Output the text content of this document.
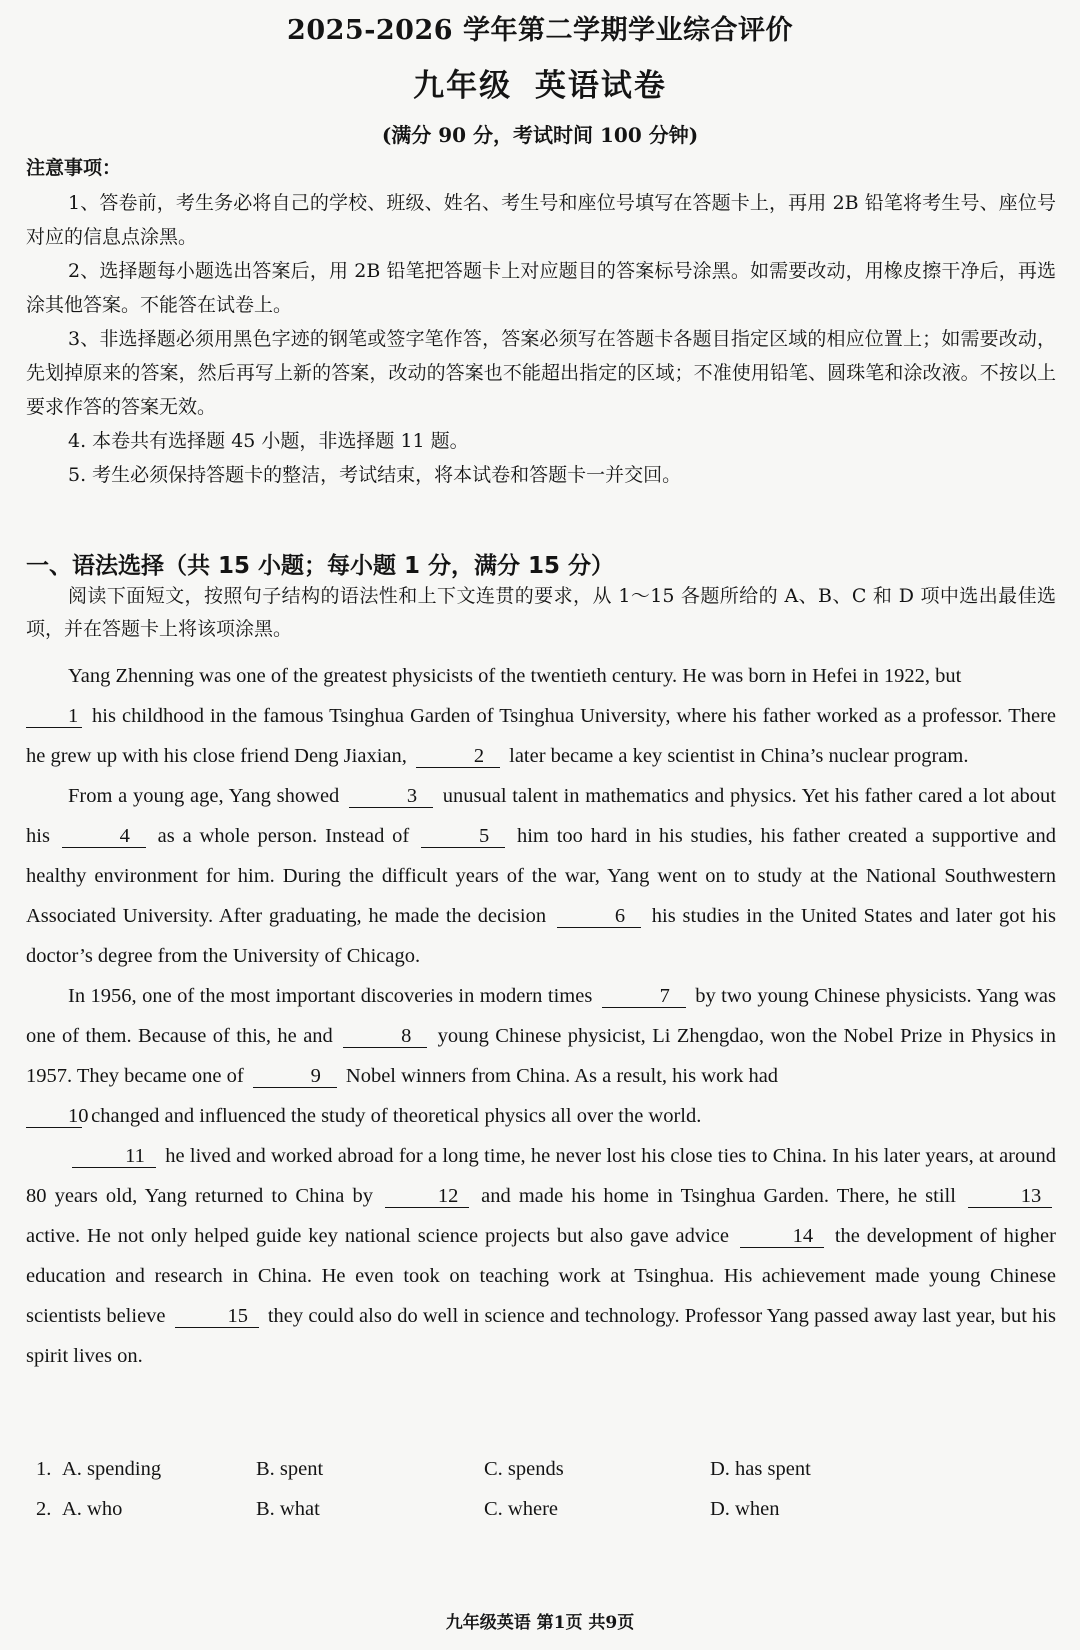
2025-2026 学年第二学期学业综合评价
九年级 英语试卷
(满分 90 分，考试时间 100 分钟)
注意事项：

1、答卷前，考生务必将自己的学校、班级、姓名、考生号和座位号填写在答题卡上，再用 2B 铅笔将考生号、座位号对应的信息点涂黑。

2、选择题每小题选出答案后，用 2B 铅笔把答题卡上对应题目的答案标号涂黑。如需要改动，用橡皮擦干净后，再选涂其他答案。不能答在试卷上。

3、非选择题必须用黑色字迹的钢笔或签字笔作答，答案必须写在答题卡各题目指定区域的相应位置上；如需要改动，先划掉原来的答案，然后再写上新的答案，改动的答案也不能超出指定的区域；不准使用铅笔、圆珠笔和涂改液。不按以上要求作答的答案无效。

4. 本卷共有选择题 45 小题，非选择题 11 题。

5. 考生必须保持答题卡的整洁，考试结束，将本试卷和答题卡一并交回。

一、语法选择（共 15 小题；每小题 1 分，满分 15 分）
阅读下面短文，按照句子结构的语法性和上下文连贯的要求，从 1～15 各题所给的 A、B、C 和 D 项中选出最佳选项，并在答题卡上将该项涂黑。

Yang Zhenning was one of the greatest physicists of the twentieth century. He was born in Hefei in 1922, but
1 his childhood in the famous Tsinghua Garden of Tsinghua University, where his father worked as a professor. There he grew up with his close friend Deng Jiaxian,	2 later became a key scientist in China’s nuclear program.

From a young age, Yang showed	3 unusual talent in mathematics and physics. Yet his father cared a lot about his	4 as a whole person. Instead of	5 him too hard in his studies, his father created a supportive and healthy environment for him. During the difficult years of the war, Yang went on to study at the National Southwestern Associated University. After graduating, he made the decision	6 his studies in the United States and later got his doctor’s degree from the University of Chicago.

In 1956, one of the most important discoveries in modern times	7 by two young Chinese physicists. Yang was one of them. Because of this, he and	8 young Chinese physicist, Li Zhengdao, won the Nobel Prize in Physics in 1957. They became one of	9 Nobel winners from China. As a result, his work had
10 changed and influenced the study of theoretical physics all over the world.

11 he lived and worked abroad for a long time, he never lost his close ties to China. In his later years, at around 80 years old, Yang returned to China by	12 and made his home in Tsinghua Garden. There, he still	13 active. He not only helped guide key national science projects but also gave advice	14 the development of higher education and research in China. He even took on teaching work at Tsinghua. His achievement made young Chinese scientists believe	15 they could also do well in science and technology. Professor Yang passed away last year, but his spirit lives on.

1. A. spending	B. spent	C. spends	D. has spent
2. A. who	B. what	C. where	D. when
九年级英语 第1页 共9页
